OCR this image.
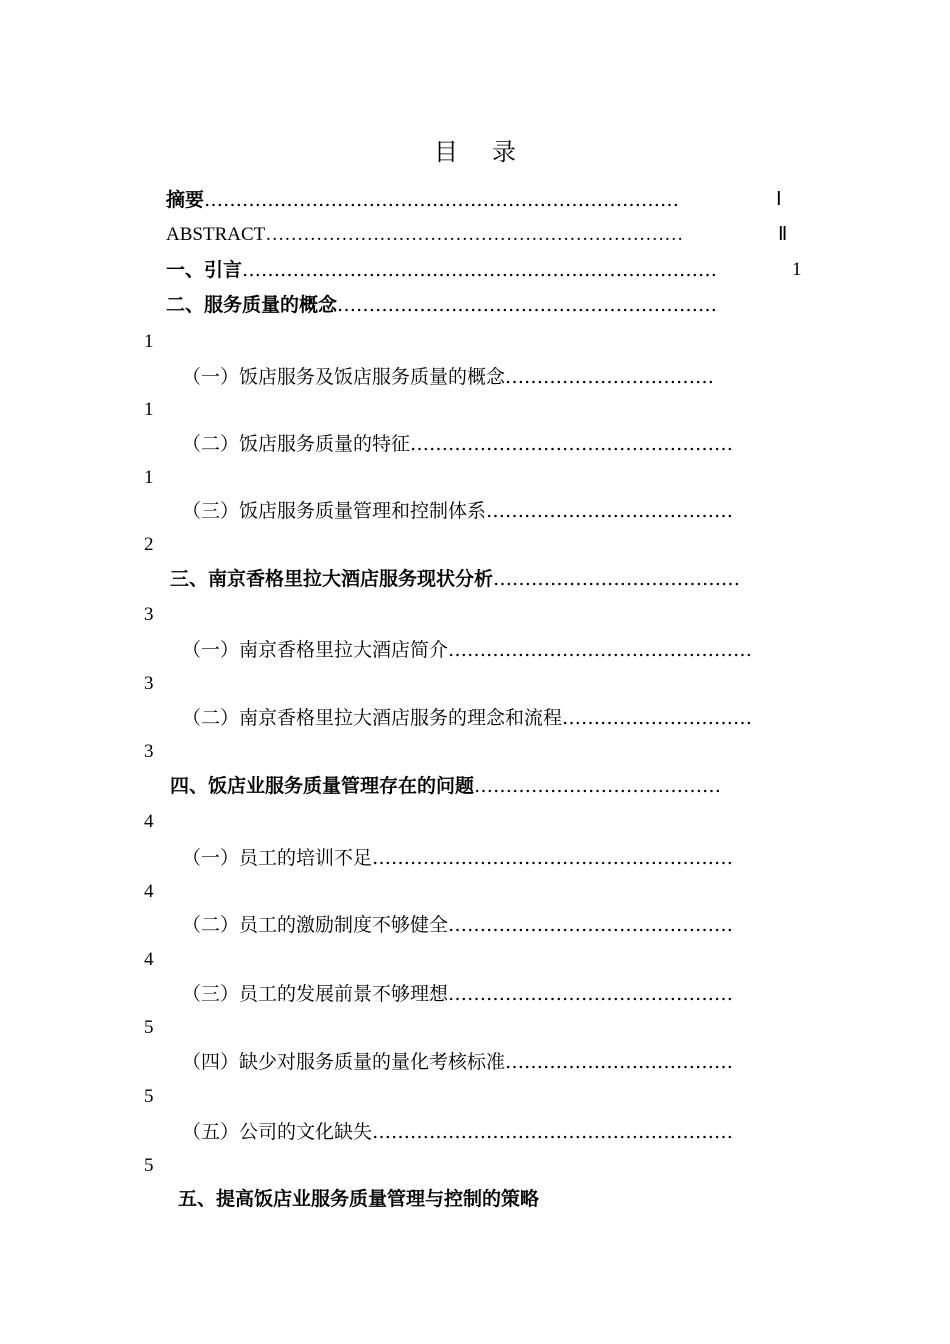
目 录
摘要…………………………………………………………………	Ⅰ
ABSTRACT…………………………………………………………	Ⅱ
一、引言…………………………………………………………………	1
二、服务质量的概念……………………………………………………
1
（一）饭店服务及饭店服务质量的概念……………………………
1
（二）饭店服务质量的特征……………………………………………
1
（三）饭店服务质量管理和控制体系…………………………………
2
三、南京香格里拉大酒店服务现状分析…………………………………
3
（一）南京香格里拉大酒店简介…………………………………………
3
（二）南京香格里拉大酒店服务的理念和流程…………………………
3
四、饭店业服务质量管理存在的问题…………………………………
4
（一）员工的培训不足…………………………………………………
4
（二）员工的激励制度不够健全………………………………………
4
（三）员工的发展前景不够理想………………………………………
5
（四）缺少对服务质量的量化考核标准………………………………
5
（五）公司的文化缺失…………………………………………………
5
五、提高饭店业服务质量管理与控制的策略
